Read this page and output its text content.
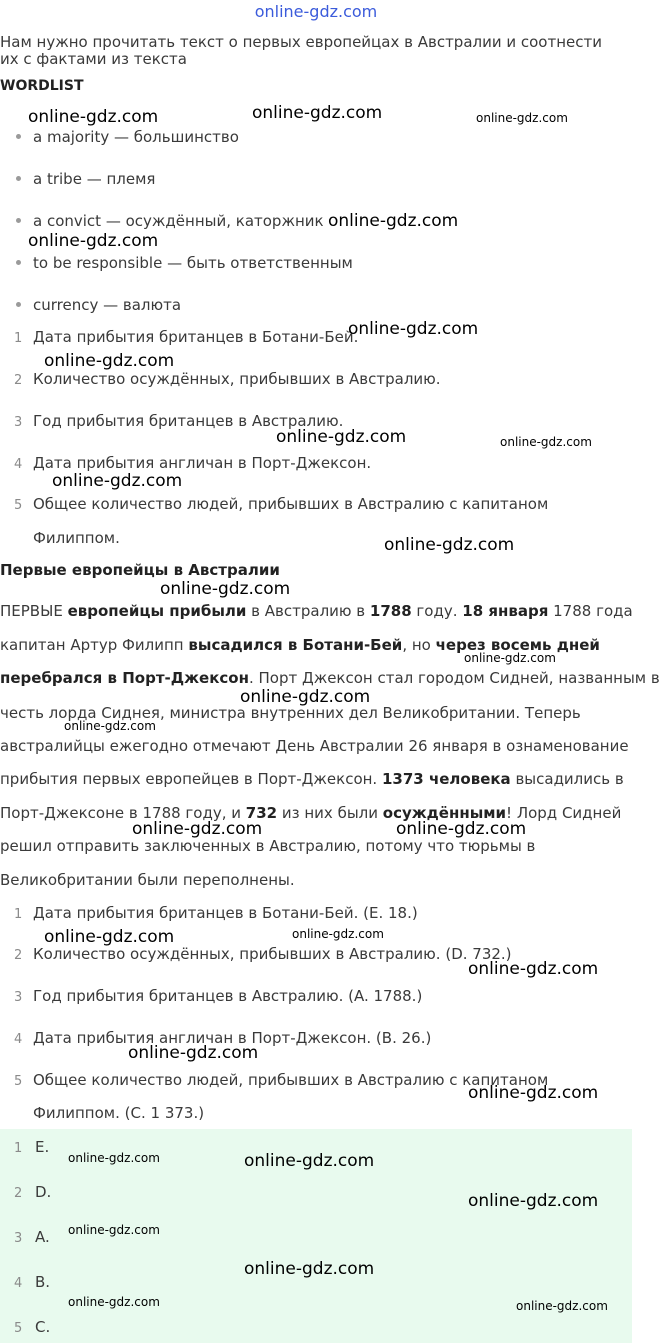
online-gdz.com
Нам нужно прочитать текст о первых европейцах в Австралии и соотнести
их с фактами из текста
WORDLIST
a majority — большинство
a tribe — племя
a convict — осуждённый, каторжник
to be responsible — быть ответственным
currency — валюта
1 Дата прибытия британцев в Ботани-Бей.
2 Количество осуждённых, прибывших в Австралию.
3 Год прибытия британцев в Австралию.
4 Дата прибытия англичан в Порт-Джексон.
5 Общее количество людей, прибывших в Австралию с капитаном
Филиппом.
Первые европейцы в Австралии
ПЕРВЫЕ европейцы прибыли в Австралию в 1788 году. 18 января 1788 года
капитан Артур Филипп высадился в Ботани-Бей, но через восемь дней
перебрался в Порт-Джексон. Порт Джексон стал городом Сидней, названным в
честь лорда Сиднея, министра внутренних дел Великобритании. Теперь
австралийцы ежегодно отмечают День Австралии 26 января в ознаменование
прибытия первых европейцев в Порт-Джексон. 1373 человека высадились в
Порт-Джексоне в 1788 году, и 732 из них были осуждёнными! Лорд Сидней
решил отправить заключенных в Австралию, потому что тюрьмы в
Великобритании были переполнены.
1 Дата прибытия британцев в Ботани-Бей. (E. 18.)
2 Количество осуждённых, прибывших в Австралию. (D. 732.)
3 Год прибытия британцев в Австралию. (A. 1788.)
4 Дата прибытия англичан в Порт-Джексон. (B. 26.)
5 Общее количество людей, прибывших в Австралию с капитаном
Филиппом. (C. 1 373.)
1 E.
2 D.
3 A.
4 B.
5 C.
online-gdz.com	online-gdz.com	online-gdz.com
online-gdz.com
online-gdz.com
online-gdz.com
online-gdz.com
online-gdz.com	online-gdz.com
online-gdz.com
online-gdz.com
online-gdz.com
online-gdz.com
online-gdz.com
online-gdz.com
online-gdz.com	online-gdz.com
online-gdz.com	online-gdz.com
online-gdz.com
online-gdz.com
online-gdz.com
online-gdz.com	online-gdz.com
online-gdz.com
online-gdz.com
online-gdz.com
online-gdz.com	online-gdz.com
